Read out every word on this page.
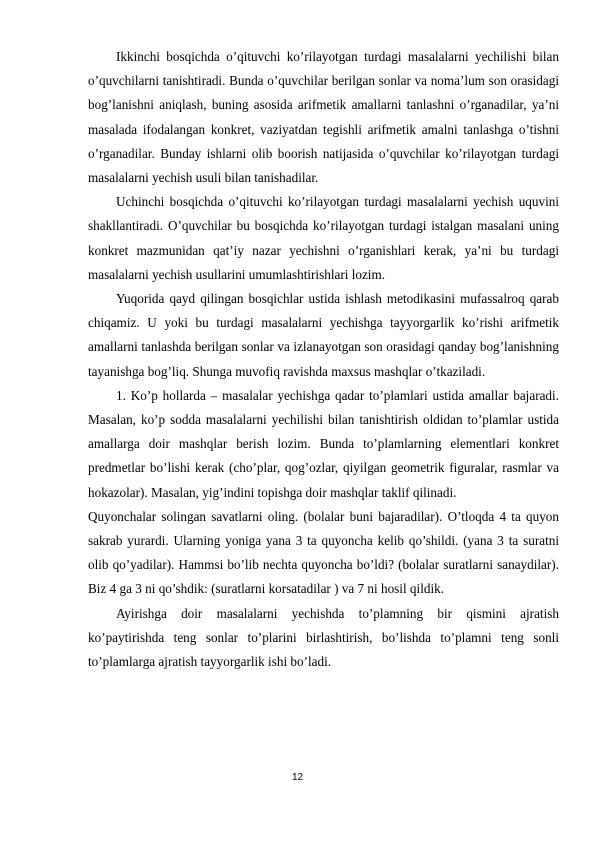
Ikkinchi bosqichda o’qituvchi ko’rilayotgan turdagi masalalarni yechilishi bilan o’quvchilarni tanishtiradi. Bunda o’quvchilar berilgan sonlar va noma’lum son orasidagi bog’lanishni aniqlash, buning asosida arifmetik amallarni tanlashni o’rganadilar, ya’ni masalada ifodalangan konkret, vaziyatdan tegishli arifmetik amalni tanlashga o’tishni o’rganadilar. Bunday ishlarni olib boorish natijasida o’quvchilar ko’rilayotgan turdagi masalalarni yechish usuli bilan tanishadilar.

Uchinchi bosqichda o’qituvchi ko’rilayotgan turdagi masalalarni yechish uquvini shakllantiradi. O’quvchilar bu bosqichda ko’rilayotgan turdagi istalgan masalani uning konkret mazmunidan qat’iy nazar yechishni o’rganishlari kerak, ya’ni bu turdagi masalalarni yechish usullarini umumlashtirishlari lozim.

Yuqorida qayd qilingan bosqichlar ustida ishlash metodikasini mufassalroq qarab chiqamiz. U yoki bu turdagi masalalarni yechishga tayyorgarlik ko’rishi arifmetik amallarni tanlashda berilgan sonlar va izlanayotgan son orasidagi qanday bog’lanishning tayanishga bog’liq. Shunga muvofiq ravishda maxsus mashqlar o’tkaziladi.

1. Ko’p hollarda – masalalar yechishga qadar to’plamlari ustida amallar bajaradi. Masalan, ko’p sodda masalalarni yechilishi bilan tanishtirish oldidan to’plamlar ustida amallarga doir mashqlar berish lozim. Bunda to’plamlarning elementlari konkret predmetlar bo’lishi kerak (cho’plar, qog’ozlar, qiyilgan geometrik figuralar, rasmlar va hokazolar). Masalan, yig’indini topishga doir mashqlar taklif qilinadi.

Quyonchalar solingan savatlarni oling. (bolalar buni bajaradilar). O’tloqda 4 ta quyon sakrab yurardi. Ularning yoniga yana 3 ta quyoncha kelib qo’shildi. (yana 3 ta suratni olib qo’yadilar). Hammsi bo’lib nechta quyoncha bo’ldi? (bolalar suratlarni sanaydilar). Biz 4 ga 3 ni qo’shdik: (suratlarni korsatadilar ) va 7 ni hosil qildik.

Ayirishga doir masalalarni yechishda to’plamning bir qismini ajratish ko’paytirishda teng sonlar to’plarini birlashtirish, bo’lishda to’plamni teng sonli to’plamlarga ajratish tayyorgarlik ishi bo’ladi.

12
